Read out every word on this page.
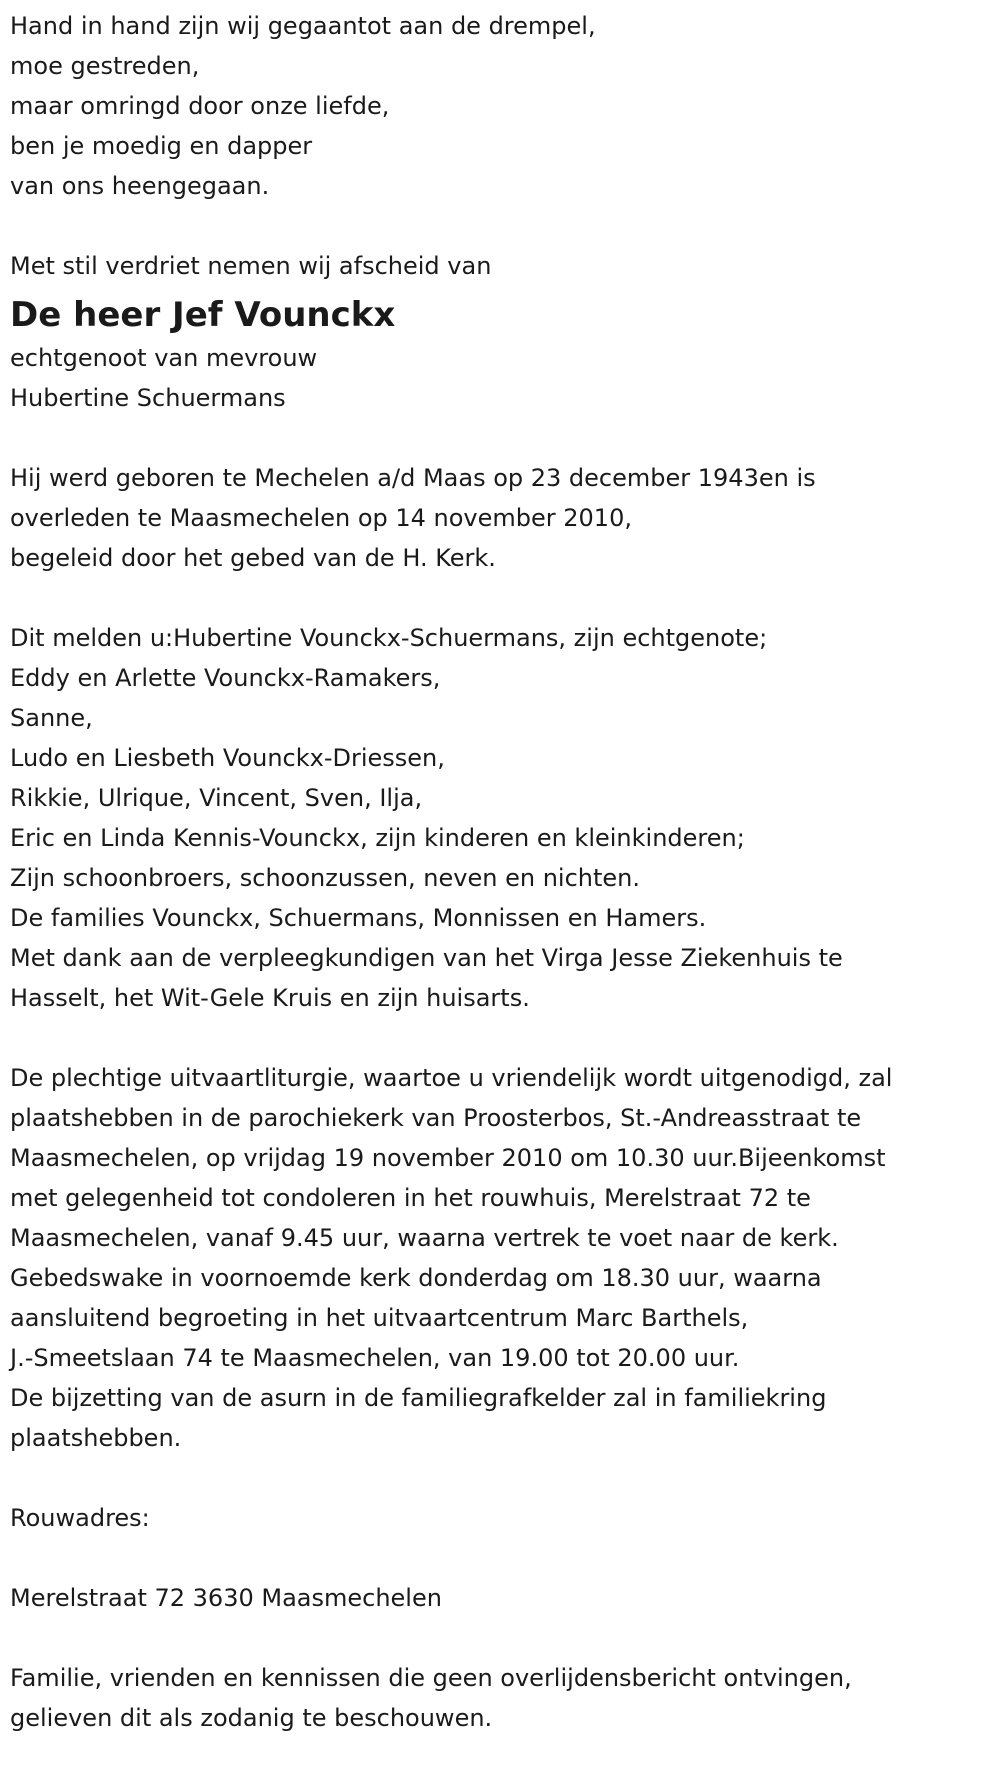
Hand in hand zijn wij gegaantot aan de drempel,
moe gestreden,
maar omringd door onze liefde,
ben je moedig en dapper
van ons heengegaan.
Met stil verdriet nemen wij afscheid van
De heer Jef Vounckx
echtgenoot van mevrouw
Hubertine Schuermans
Hij werd geboren te Mechelen a/d Maas op 23 december 1943en is
overleden te Maasmechelen op 14 november 2010,
begeleid door het gebed van de H. Kerk.
Dit melden u:Hubertine Vounckx-Schuermans, zijn echtgenote;
Eddy en Arlette Vounckx-Ramakers,
Sanne,
Ludo en Liesbeth Vounckx-Driessen,
Rikkie, Ulrique, Vincent, Sven, Ilja,
Eric en Linda Kennis-Vounckx, zijn kinderen en kleinkinderen;
Zijn schoonbroers, schoonzussen, neven en nichten.
De families Vounckx, Schuermans, Monnissen en Hamers.
Met dank aan de verpleegkundigen van het Virga Jesse Ziekenhuis te
Hasselt, het Wit-Gele Kruis en zijn huisarts.
De plechtige uitvaartliturgie, waartoe u vriendelijk wordt uitgenodigd, zal
plaatshebben in de parochiekerk van Proosterbos, St.-Andreasstraat te
Maasmechelen, op vrijdag 19 november 2010 om 10.30 uur.Bijeenkomst
met gelegenheid tot condoleren in het rouwhuis, Merelstraat 72 te
Maasmechelen, vanaf 9.45 uur, waarna vertrek te voet naar de kerk.
Gebedswake in voornoemde kerk donderdag om 18.30 uur, waarna
aansluitend begroeting in het uitvaartcentrum Marc Barthels,
J.-Smeetslaan 74 te Maasmechelen, van 19.00 tot 20.00 uur.
De bijzetting van de asurn in de familiegrafkelder zal in familiekring
plaatshebben.
Rouwadres:
Merelstraat 72 3630 Maasmechelen
Familie, vrienden en kennissen die geen overlijdensbericht ontvingen,
gelieven dit als zodanig te beschouwen.
